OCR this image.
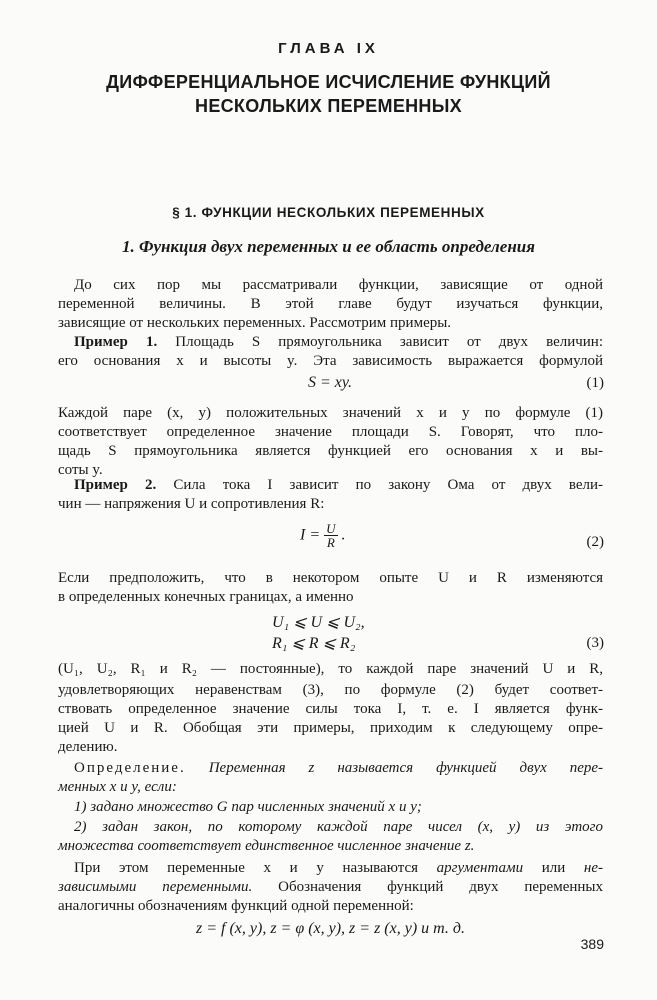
ГЛАВА IX
ДИФФЕРЕНЦИАЛЬНОЕ ИСЧИСЛЕНИЕ ФУНКЦИЙ
НЕСКОЛЬКИХ ПЕРЕМЕННЫХ
§ 1. ФУНКЦИИ НЕСКОЛЬКИХ ПЕРЕМЕННЫХ
1. Функция двух переменных и ее область определения
До сих пор мы рассматривали функции, зависящие от одной
переменной величины. В этой главе будут изучаться функции,
зависящие от нескольких переменных. Рассмотрим примеры.
Пример 1. Площадь S прямоугольника зависит от двух величин:
его основания x и высоты y. Эта зависимость выражается формулой
S = xy.	(1)
Каждой паре (x, y) положительных значений x и y по формуле (1)
соответствует определенное значение площади S. Говорят, что пло-
щадь S прямоугольника является функцией его основания x и вы-
соты y.
Пример 2. Сила тока I зависит по закону Ома от двух вели-
чин — напряжения U и сопротивления R:
$I = \frac{U}{R}$ .	(2)
Если предположить, что в некотором опыте U и R изменяются
в определенных конечных границах, а именно
U₁ ⩽ U ⩽ U₂,
R₁ ⩽ R ⩽ R₂	(3)
(U₁, U₂, R₁ и R₂ — постоянные), то каждой паре значений U и R,
удовлетворяющих неравенствам (3), по формуле (2) будет соответ-
ствовать определенное значение силы тока I, т. е. I является функ-
цией U и R. Обобщая эти примеры, приходим к следующему опре-
делению.
Определение. Переменная z называется функцией двух пере-
менных x и y, если:
1) задано множество G пар численных значений x и y;
2) задан закон, по которому каждой паре чисел (x, y) из этого
множества соответствует единственное численное значение z.
При этом переменные x и y называются аргументами или не-
зависимыми переменными. Обозначения функций двух переменных
аналогичны обозначениям функций одной переменной:
z = f (x, y), z = φ (x, y), z = z (x, y) и т. д.
389
